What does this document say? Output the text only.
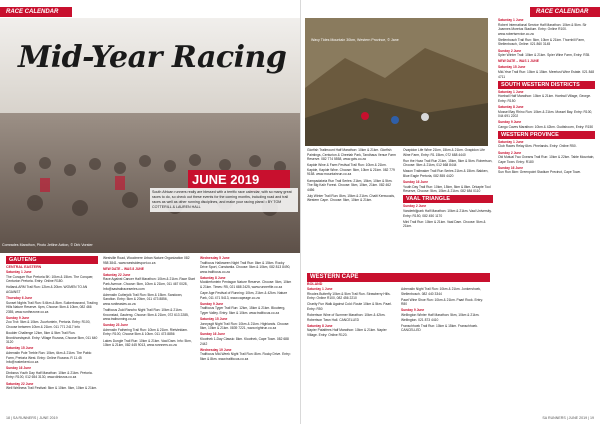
RACE CALENDAR
Mid-Year Racing
JUNE 2019
South African runners really are blessed with a terrific race calendar, with so many great races to do, so check out these events for the coming months, including road and trail races as well as other running disciplines, and make your racing plans! • BY TOM COTTERILL & LAUREN HALL
Comrades Marathon, Photo Jetline Action, © Dirk Vorster
GAUTENG
CENTRAL EASTERN
Saturday 1 June
The Conquer Run Pretoria 5K: 10km & 15km. The Conquer, Centurion Pretoria. Entry: Online R180.
Holland-ARM Trail Run: 12km & 20km. WOMEN TO AN AGAINST
Thursday 6 June
Sunset Nights Trail Run: 5.6km & 8km. Suikerbosrand, Trading Hills Nature Reserve. 6pm, Choose: 5km & 10km, 082 466 2355, www.runthezone.co.za
Sunday 9 June
Zoo Trot: 5km & 10km. Zuurfontein, Pretoria. Entry: R100, Choose between 10km & 21km. 011 771 2417 Info
Boulder Challenge 12km, 5km & 5km Trail Run. Bronkhorstspruit. Entry: Village Rozana, Choose 5km, 011 640 3120
Saturday 15 June
Adrenalin Pole Treble Run: 10km, 6km & 21km. The Pablo Farm, Pretoria West. Entry: Online Rozana. R 11.45 Info@rosterkent.co.za
Sunday 16 June
Dinksrus Youth Day Half Marathon: 10km & 21km. Pretoria. Entry: R100, 012 654 3130, www.dinksrus.co.za
Saturday 22 June
Well Wellness Trail Festival: 5km & 10km. 5km, 10km & 21km.
Westville Road, Woodmere Urban Nature Organization 082 958 3841. www.westsidesport.co.za
NEW DATE – WAS 8 JUNE
Saturday 22 June
Race Against Cancer Half Marathon: 10km & 21km. Race Start Park Avenue. Choose: 5km, 10km & 21km, 011 467 0028, Info@sastrailraceseries.com
Adrenalin Cutlerjolk Trail Run: 5km & 15km. Sandown, Sandton. Entry: 5km & 20km, 011 473 8856, www.runiteasies.co.za
Trailfocus Zuid Rancho Night Trail Run: 10km & 21km. Kroonstad, Gauteng. Choose: 5km & 21km, 072 613 2285, www.trailrunning.co.za
Sunday 23 June
Adrenalin Fathering Trail Run: 10km & 21km. Rietvleidam. Entry: R100, Choose 5km & 10km. 011 473 8856
Lakes Dungle Trail Run: 10km & 21km. Vaal Dam. Info: 5km, 10km & 21km, 082 445 9013, www.runnners.co.za
Wednesday 5 June
Trailfocus Halloween Night Trail Run: 8km & 15km. Rocky Drive Sport, Constantia. Choose: 5km & 10km, 082 813 8490, www.trailfocus.co.za
Saturday 8 June
Modderfontein Pentagon Nature Reserve. Choose: 5km, 10km & 21km. Times: R5, 021 688 2425, www.runnerfile.co.za
Cape Age Festival of Running: 10km, 21km & 42km. Nature Park, 011 471 5413, www.capeage.co.za
Sunday 9 June
Trailfocus Tyger Trail Run: 12km, 15km & 21km. Blouberg, Tyger Valley. Entry: 5km & 10km. www.trailfocus.co.za
Saturday 15 June
Jonnysgit Night Trail Run: 10km & 21km. Highlands. Choose: 5km, 10km & 21km. 0839 7221, www.nightrun.co.za
Sunday 16 June
Kloofnek 1-Day Classic: 8km. Kloofnek, Cape Town. 082 688 2442
Wednesday 19 June
Trailfocus Mid-Week Night Trail Run: 8km. Rocky Drive. Entry: 5km & 8km. www.trailfocus.co.za
18 | SA RUNNERS | JUNE 2019
RACE CALENDAR
Wavy Tides Mountain 30km, Western Province, © Jane
Glorfish Trailmount Half Marathon: 10km & 21km. Glorfish Paintings, Centurion & Cheetah Park, Tandhaus Venue Farm Reserve. 082 774 5558, www.gcts.co.za
Kapide Wine & Farm Festival Trail Run: 10km & 21km. Kapide, Kapide Wine. Choose: 5km, 10km & 21km. 082 779 9158. www.mountainrun.co.za
Kampadakeia Run Trail Series: 21km, 15km, 10km & 5km. The Big Kaiir Forest. Choose: 5km, 10km, 21km. 082 462 4456
July Winter Trail Run: 8km, 15km & 21km. Chaiti Kenwoods, Western Cape. Choose: 5km, 10km & 21km.
Ovapidon Life Wine 21km, 15km & 21km. Ovapidon Life Wine Farm, Entry: R1 15km, 072 688 4440
Run the Hoax Trail Run 21km, 15km, 5km & 5km. Robertson, Choose: 5km & 21km, 012 668 8444
Mason Trailmaker Trail Run Series 21km & 15km. Bakken, Blue Eagle Pretoria, 082 855 4420
Sunday 16 June
Youth Day Trail Run: 10km, 15km, 5km & 8km. Drkapte Tool Reserve, Choose: 5km, 10km & 21km. 082 684 0110
VAAL TRIANGLE
Sunday 2 June
Vanderbijlpark Half Marathon: 10km & 21km. Vaal University. Entry: R150, 082 450 1170
Mini Trail Run: 10km & 21km. Vaal Dam. Choose: 5km & 21km.
Saturday 1 June
Robert International Service Half Marathon: 10km & 5km. Sir Joannes Moretus Stadium. Entry: Online R100. www.robertservice.co.za
Stellenbosch Trail Run: 5km, 10km & 21km. Thornhill Farm, Stellenbosch, Online: 021 860 3145
Sunday 2 June
Spier Winter Trail: 10km & 21km. Spier Wine Farm, Entry: R35.
NEW DATE – WAS 1 JUNE
Saturday 15 June
Mid-Year Trail Run: 10km & 15km. Meerlust Wine Estate. 021 848 4711
SOUTH WESTERN DISTRICTS
Saturday 1 June
Hoekwil Half Marathon: 10km & 21km. Hoekwil Village, George. Entry: R150
Saturday 8 June
Mossel Bay Rhino Run: 10km & 21km. Mossel Bay. Entry: R100, 044 691 2202
Sunday 9 June
Cango Caves Marathon: 10km & 42km. Oudtshoorn, Entry: R150
WESTERN PROVINCE
Saturday 1 June
Club Races Relay 6km. Pinelands. Entry: Online R50.
Sunday 2 June
Old Mutual Two Oceans Trail Run: 10km & 22km. Table Mountain, Cape Town. Entry: R180
Sunday 16 June
Sun Run 8km: Greenpoint Stadium Precinct, Cape Town.
WESTERN CAPE
BOLAND
Saturday 1 June
Rhodes Butterfly 10km & 5km Trail Run. Strawberry Hills. Entry: Online R100, 082 456 2210
Charity Fun Walk Against Cold: Route 10km & 5km. Paarl. Entry: R50
Robertson Wine of Summer Marathon: 10km & 42km. Robertson Town Hall. CANCELLED
Saturday 8 June
Napier Patatfees Half Marathon: 10km & 21km. Napier Village. Entry: Online R120.
Adrenalin Night Trail Run: 10km & 21km. Jonkershoek, Stellenbosch. 082 440 3344
Paarl Wine Shoe Run: 10km & 21km. Paarl Rock. Entry: R80
Sunday 9 June
Wellington Winter Half Marathon: 5km, 10km & 21km. Wellington. 021 873 4410
Franschhoek Trail Run: 10km & 15km. Franschhoek. CANCELLED
SA RUNNERS | JUNE 2019 | 19
